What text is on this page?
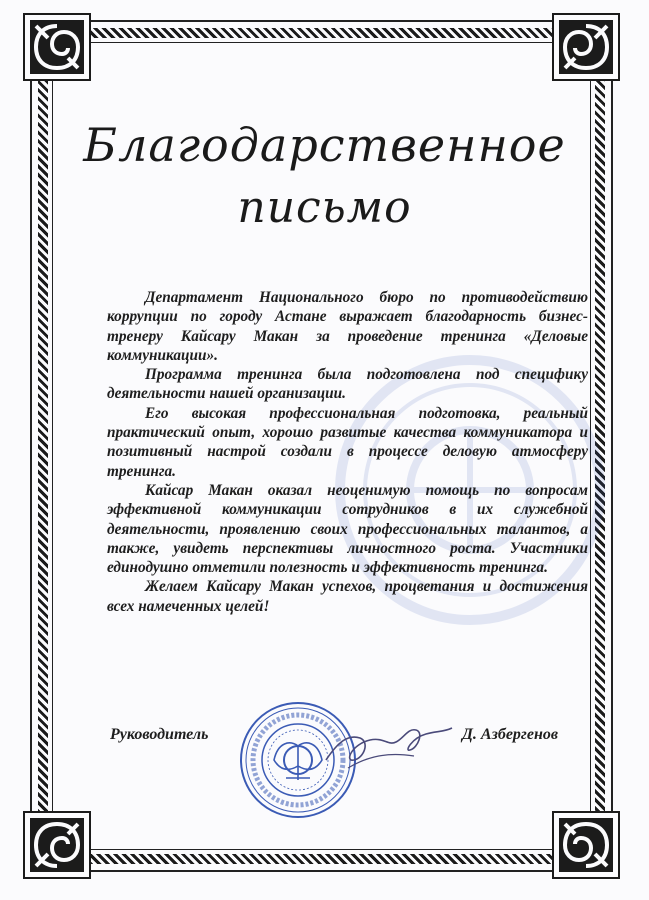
Благодарственное
письмо

Департамент Национального бюро по противодействию коррупции по городу Астане выражает благодарность бизнес-тренеру Кайсару Макан за проведение тренинга «Деловые коммуникации».

Программа тренинга была подготовлена под специфику деятельности нашей организации.

Его высокая профессиональная подготовка, реальный практический опыт, хорошо развитые качества коммуникатора и позитивный настрой создали в процессе деловую атмосферу тренинга.

Кайсар Макан оказал неоценимую помощь по вопросам эффективной коммуникации сотрудников в их служебной деятельности, проявлению своих профессиональных талантов, а также, увидеть перспективы личностного роста. Участники единодушно отметили полезность и эффективность тренинга.

Желаем Кайсару Макан успехов, процветания и достижения всех намеченных целей!

Руководитель	Д. Азбергенов
